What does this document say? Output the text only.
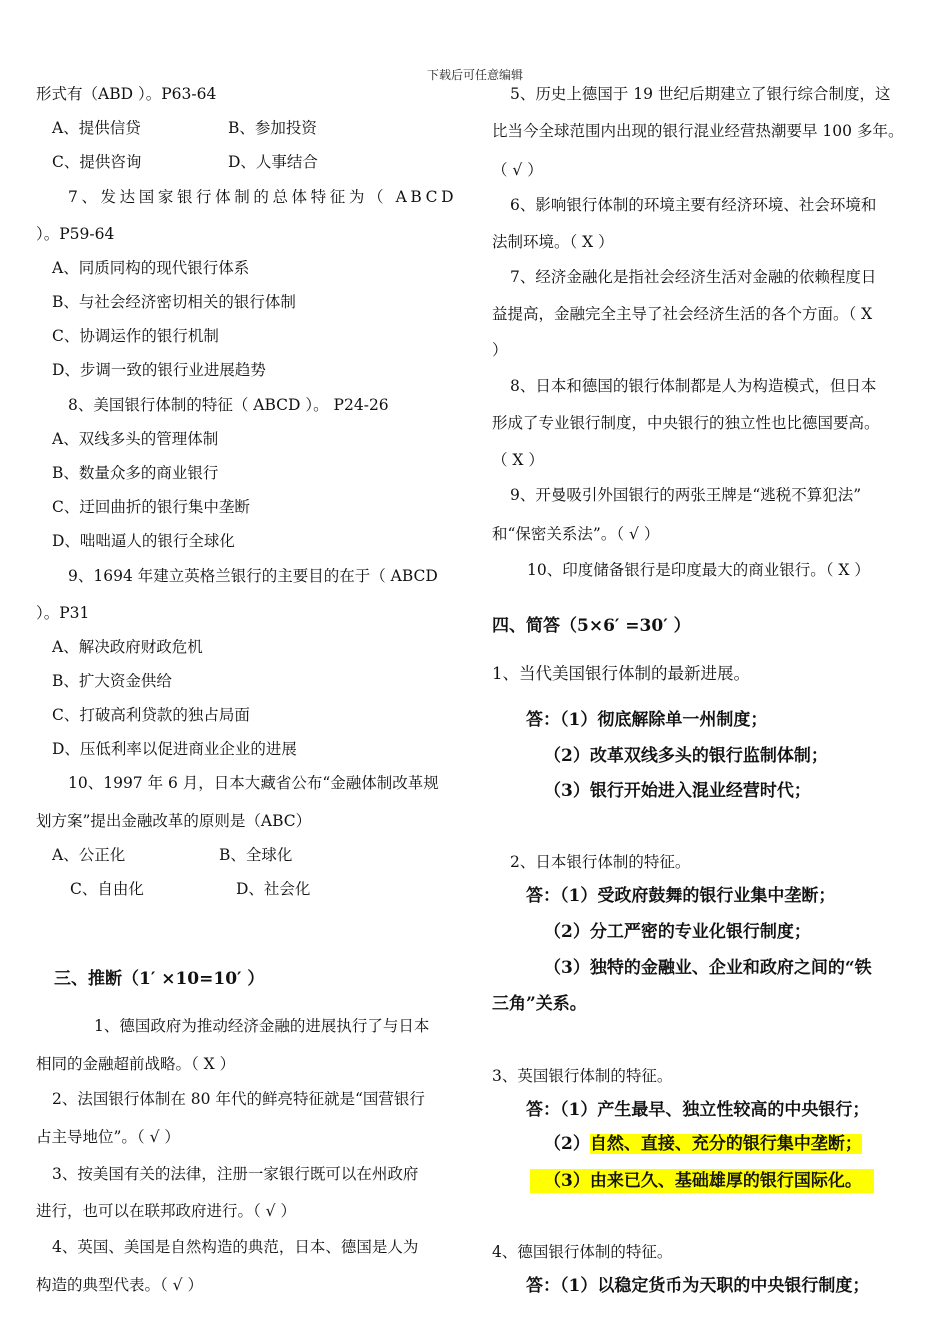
下载后可任意编辑
形式有（ABD ）。P63-64
A、提供信贷	B、参加投资
C、提供咨询	D、人事结合
7、发达国家银行体制的总体特征为（ ABCD
）。P59-64
A、同质同构的现代银行体系
B、与社会经济密切相关的银行体制
C、协调运作的银行机制
D、步调一致的银行业进展趋势
8、美国银行体制的特征（ ABCD ）。 P24-26
A、双线多头的管理体制
B、数量众多的商业银行
C、迂回曲折的银行集中垄断
D、咄咄逼人的银行全球化
9、1694 年建立英格兰银行的主要目的在于（ ABCD
）。P31
A、解决政府财政危机
B、扩大资金供给
C、打破高利贷款的独占局面
D、压低利率以促进商业企业的进展
10、1997 年 6 月，日本大藏省公布“金融体制改革规
划方案”提出金融改革的原则是（ABC）
A、公正化	B、全球化
C、自由化	D、社会化
三、推断（1′ ×10=10′ ）
1、德国政府为推动经济金融的进展执行了与日本
相同的金融超前战略。（ X ）
2、法国银行体制在 80 年代的鲜亮特征就是“国营银行
占主导地位”。（ √ ）
3、按美国有关的法律，注册一家银行既可以在州政府
进行，也可以在联邦政府进行。（ √ ）
4、英国、美国是自然构造的典范，日本、德国是人为
构造的典型代表。（ √ ）
5、历史上德国于 19 世纪后期建立了银行综合制度，这
比当今全球范围内出现的银行混业经营热潮要早 100 多年。
（ √ ）
6、影响银行体制的环境主要有经济环境、社会环境和
法制环境。（ X ）
7、经济金融化是指社会经济生活对金融的依赖程度日
益提高，金融完全主导了社会经济生活的各个方面。（ X
）
8、日本和德国的银行体制都是人为构造模式，但日本
形成了专业银行制度，中央银行的独立性也比德国要高。
（ X ）
9、开曼吸引外国银行的两张王牌是“逃税不算犯法”
和“保密关系法”。（ √ ）
10、印度储备银行是印度最大的商业银行。（ X ）
四、简答（5×6′ =30′ ）
1、当代美国银行体制的最新进展。
答：（1）彻底解除单一州制度；
（2）改革双线多头的银行监制体制；
（3）银行开始进入混业经营时代；
2、日本银行体制的特征。
答：（1）受政府鼓舞的银行业集中垄断；
（2）分工严密的专业化银行制度；
（3）独特的金融业、企业和政府之间的“铁
三角”关系。
3、英国银行体制的特征。
答：（1）产生最早、独立性较高的中央银行；
（2）自然、直接、充分的银行集中垄断；
（3）由来已久、基础雄厚的银行国际化。
4、德国银行体制的特征。
答：（1）以稳定货币为天职的中央银行制度；
